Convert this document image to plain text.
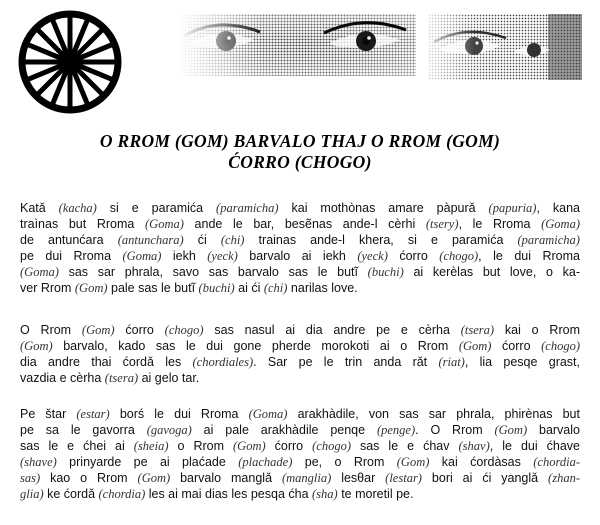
O RROM (GOM) BARVALO THAJ O RROM (GOM)
ĆORRO (CHOGO)
Katǎ (kacha) si e paramića (paramicha) kai mothònas amare pàpurǎ (papuria), kana
traìnas but Rroma (Goma) ande le bar, besẽnas ande-l cèrhi (tsery), le Rroma (Goma)
de antunćara (antunchara) ći (chi) trainas ande-l khera, si e paramića (paramicha)
pe dui Rroma (Goma) iekh (yeck) barvalo ai iekh (yeck) ćorro (chogo), le dui Rroma
(Goma) sas sar phrala, savo sas barvalo sas le butĩ (buchi) ai kerèlas but love, o ka-
ver Rrom (Gom) pale sas le butĩ (buchi) ai ći (chi) narilas love.
O Rrom (Gom) ćorro (chogo) sas nasul ai dia andre pe e cèrha (tsera) kai o Rrom
(Gom) barvalo, kado sas le dui gone pherde morokoti ai o Rrom (Gom) ćorro (chogo)
dia andre thai ćordǎ les (chordiales). Sar pe le trin anda rǎt (riat), lia pesqe grast,
vazdia e cèrha (tsera) ai gelo tar.
Pe štar (estar) borś le dui Rroma (Goma) arakhàdile, von sas sar phrala, phirènas but
pe sa le gavorra (gavoga) ai pale arakhàdile penqe (penge). O Rrom (Gom) barvalo
sas le e ćhei ai (sheia) o Rrom (Gom) ćorro (chogo) sas le e ćhav (shav), le dui ćhave
(shave) prinyarde pe ai plaćade (plachade) pe, o Rrom (Gom) kai ćordàsas (chordia-
sas) kao o Rrom (Gom) barvalo manglǎ (manglia) lesθar (lestar) bori ai ći yanglǎ (zhan-
glia) ke ćordǎ (chordia) les ai mai dias les pesqa ćha (sha) te moretil pe.
